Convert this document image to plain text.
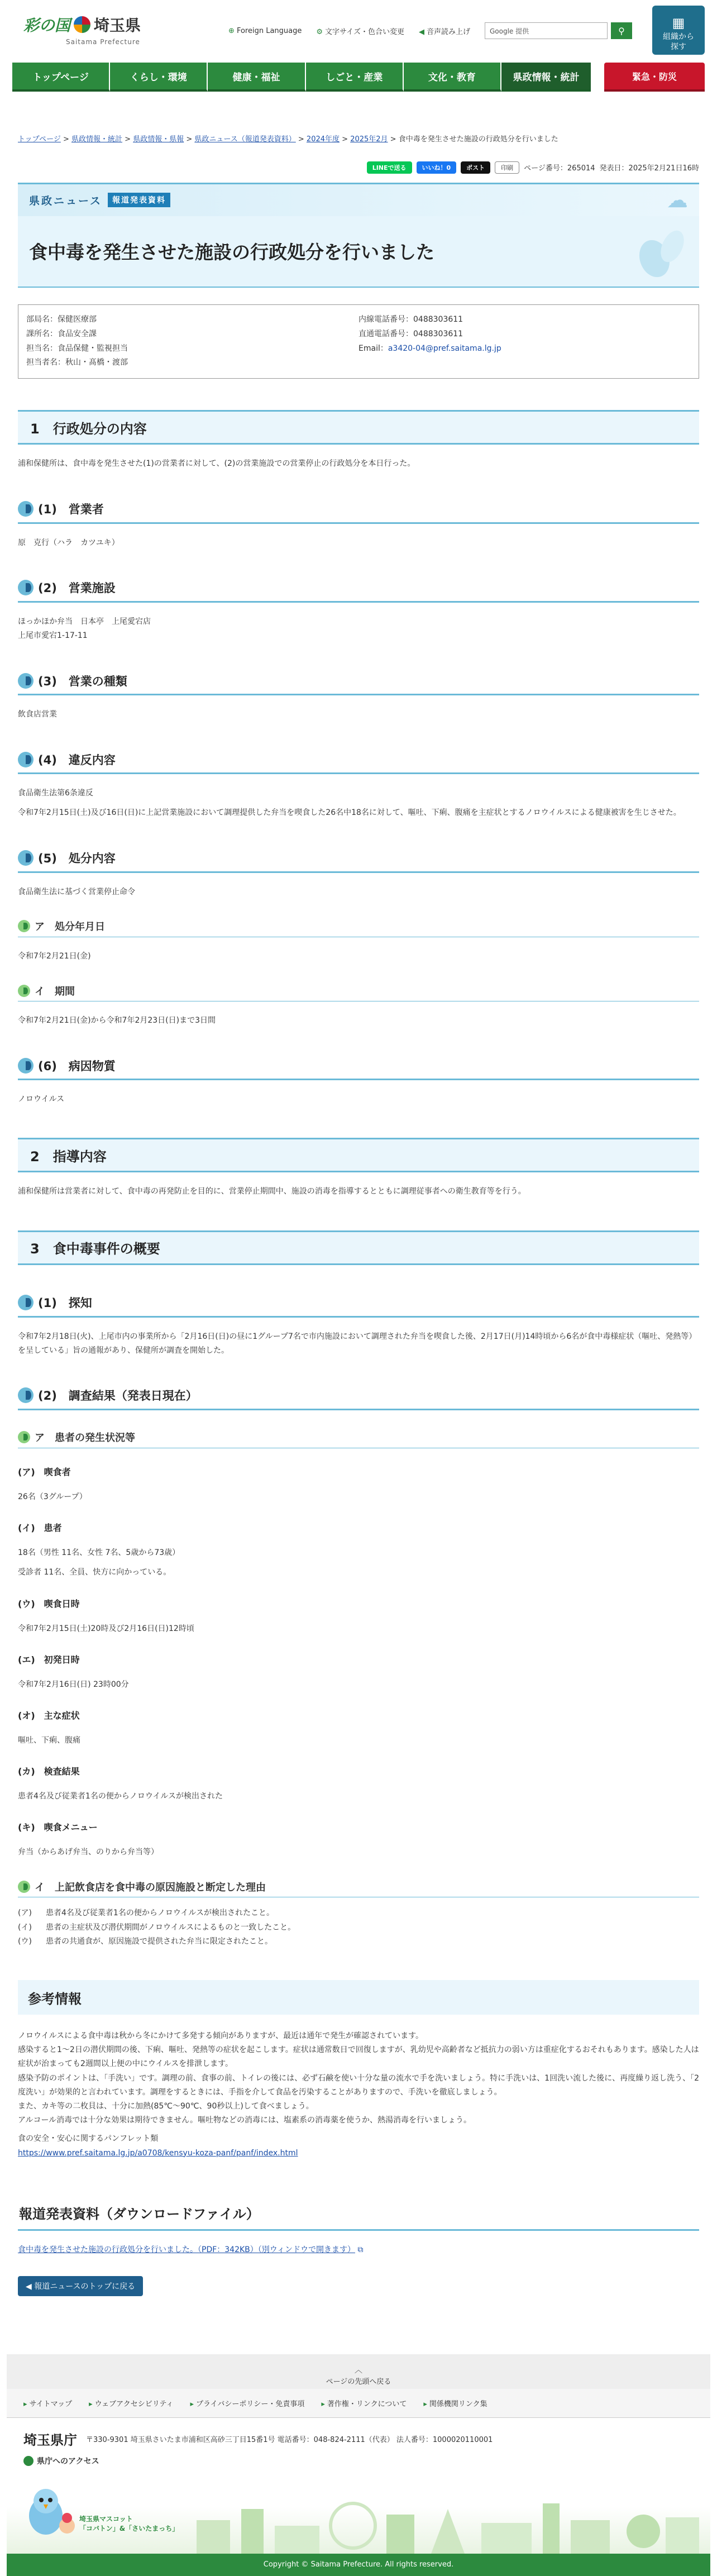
彩の国 埼玉県
Saitama Prefecture
⊕ Foreign Language ⚙ 文字サイズ・色合い変更 ◀ 音声読み上げ	Google 提供	⚲	▦
組織から
探す
トップページ	くらし・環境	健康・福祉	しごと・産業	文化・教育	県政情報・統計	緊急・防災
トップページ > 県政情報・統計 > 県政情報・県報 > 県政ニュース（報道発表資料） > 2024年度 > 2025年2月 > 食中毒を発生させた施設の行政処分を行いました
LINEで送る	いいね！0	ポスト	印刷	ページ番号：265014 発表日：2025年2月21日16時
県政ニュース	報道発表資料	☁
食中毒を発生させた施設の行政処分を行いました
部局名：保健医療部
課所名：食品安全課
担当名：食品保健・監視担当
担当者名：秋山・髙橋・渡部
内線電話番号：0488303611
直通電話番号：0488303611
Email：a3420-04@pref.saitama.lg.jp
1　行政処分の内容

浦和保健所は、食中毒を発生させた(1)の営業者に対して、(2)の営業施設での営業停止の行政処分を本日行った。

(1)　営業者

原　克行（ハラ　カツユキ）

(2)　営業施設

ほっかほか弁当　日本亭　上尾愛宕店
上尾市愛宕1-17-11

(3)　営業の種類

飲食店営業

(4)　違反内容

食品衛生法第6条違反

令和7年2月15日(土)及び16日(日)に上記営業施設において調理提供した弁当を喫食した26名中18名に対して、嘔吐、下痢、腹痛を主症状とするノロウイルスによる健康被害を生じさせた。

(5)　処分内容

食品衛生法に基づく営業停止命令

ア　処分年月日

令和7年2月21日(金)

イ　期間

令和7年2月21日(金)から令和7年2月23日(日)まで3日間

(6)　病因物質

ノロウイルス

2　指導内容

浦和保健所は営業者に対して、食中毒の再発防止を目的に、営業停止期間中、施設の消毒を指導するとともに調理従事者への衛生教育等を行う。

3　食中毒事件の概要
(1)　探知

令和7年2月18日(火)、上尾市内の事業所から「2月16日(日)の昼に1グループ7名で市内施設において調理された弁当を喫食した後、2月17日(月)14時頃から6名が食中毒様症状（嘔吐、発熱等）を呈している」旨の通報があり、保健所が調査を開始した。

(2)　調査結果（発表日現在）
ア　患者の発生状況等
(ア)　喫食者

26名（3グループ）

(イ)　患者

18名（男性 11名、女性 7名、5歳から73歳）

受診者 11名、全員、快方に向かっている。

(ウ)　喫食日時

令和7年2月15日(土)20時及び2月16日(日)12時頃

(エ)　初発日時

令和7年2月16日(日) 23時00分

(オ)　主な症状

嘔吐、下痢、腹痛

(カ)　検査結果

患者4名及び従業者1名の便からノロウイルスが検出された

(キ)　喫食メニュー

弁当（からあげ弁当、のりから弁当等）

イ　上記飲食店を食中毒の原因施設と断定した理由
(ア)	患者4名及び従業者1名の便からノロウイルスが検出されたこと。
(イ)	患者の主症状及び潜伏期間がノロウイルスによるものと一致したこと。
(ウ)	患者の共通食が、原因施設で提供された弁当に限定されたこと。
参考情報
ノロウイルスによる食中毒は秋から冬にかけて多発する傾向がありますが、最近は通年で発生が確認されています。
感染すると1～2日の潜伏期間の後、下痢、嘔吐、発熱等の症状を起こします。症状は通常数日で回復しますが、乳幼児や高齢者など抵抗力の弱い方は重症化するおそれもあります。感染した人は症状が治まっても2週間以上便の中にウイルスを排泄します。
感染予防のポイントは、「手洗い」です。調理の前、食事の前、トイレの後には、必ず石鹸を使い十分な量の流水で手を洗いましょう。特に手洗いは、1回洗い流した後に、再度繰り返し洗う、「2度洗い」が効果的と言われています。調理をするときには、手指を介して食品を汚染することがありますので、手洗いを徹底しましょう。
また、カキ等の二枚貝は、十分に加熱(85℃～90℃、90秒以上)して食べましょう。
アルコール消毒では十分な効果は期待できません。嘔吐物などの消毒には、塩素系の消毒薬を使うか、熱湯消毒を行いましょう。
食の安全・安心に関するパンフレット類
https://www.pref.saitama.lg.jp/a0708/kensyu-koza-panf/panf/index.html
報道発表資料（ダウンロードファイル）

食中毒を発生させた施設の行政処分を行いました。（PDF：342KB）（別ウィンドウで開きます） ⧉

◀ 報道ニュースのトップに戻る
︿
ページの先頭へ戻る
▸ サイトマップ ▸ ウェブアクセシビリティ ▸ プライバシーポリシー・免責事項 ▸ 著作権・リンクについて ▸ 関係機関リンク集
埼玉県庁 〒330-9301 埼玉県さいたま市浦和区高砂三丁目15番1号 電話番号：048-824-2111（代表） 法人番号：1000020110001
県庁へのアクセス
埼玉県マスコット
「コバトン」&「さいたまっち」
Copyright © Saitama Prefecture. All rights reserved.
